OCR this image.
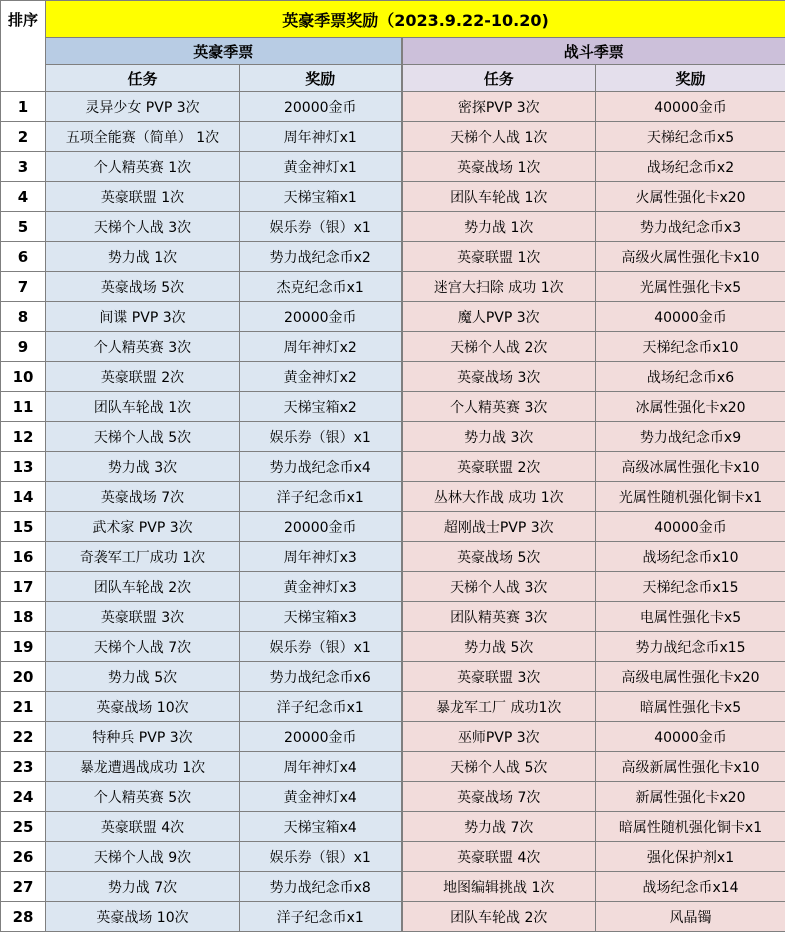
排序	英豪季票奖励（2023.9.22-10.20)			
	英豪季票		战斗季票	
	任务	奖励	任务	奖励
1	灵异少女 PVP 3次	20000金币	密探PVP 3次	40000金币
2	五项全能赛（简单） 1次	周年神灯x1	天梯个人战 1次	天梯纪念币x5
3	个人精英赛 1次	黄金神灯x1	英豪战场 1次	战场纪念币x2
4	英豪联盟 1次	天梯宝箱x1	团队车轮战 1次	火属性强化卡x20
5	天梯个人战 3次	娱乐券（银）x1	势力战 1次	势力战纪念币x3
6	势力战 1次	势力战纪念币x2	英豪联盟 1次	高级火属性强化卡x10
7	英豪战场 5次	杰克纪念币x1	迷宫大扫除 成功 1次	光属性强化卡x5
8	间谍 PVP 3次	20000金币	魔人PVP 3次	40000金币
9	个人精英赛 3次	周年神灯x2	天梯个人战 2次	天梯纪念币x10
10	英豪联盟 2次	黄金神灯x2	英豪战场 3次	战场纪念币x6
11	团队车轮战 1次	天梯宝箱x2	个人精英赛 3次	冰属性强化卡x20
12	天梯个人战 5次	娱乐券（银）x1	势力战 3次	势力战纪念币x9
13	势力战 3次	势力战纪念币x4	英豪联盟 2次	高级冰属性强化卡x10
14	英豪战场 7次	洋子纪念币x1	丛林大作战 成功 1次	光属性随机强化铜卡x1
15	武术家 PVP 3次	20000金币	超刚战士PVP 3次	40000金币
16	奇袭军工厂成功 1次	周年神灯x3	英豪战场 5次	战场纪念币x10
17	团队车轮战 2次	黄金神灯x3	天梯个人战 3次	天梯纪念币x15
18	英豪联盟 3次	天梯宝箱x3	团队精英赛 3次	电属性强化卡x5
19	天梯个人战 7次	娱乐券（银）x1	势力战 5次	势力战纪念币x15
20	势力战 5次	势力战纪念币x6	英豪联盟 3次	高级电属性强化卡x20
21	英豪战场 10次	洋子纪念币x1	暴龙军工厂 成功1次	暗属性强化卡x5
22	特种兵 PVP 3次	20000金币	巫师PVP 3次	40000金币
23	暴龙遭遇战成功 1次	周年神灯x4	天梯个人战 5次	高级新属性强化卡x10
24	个人精英赛 5次	黄金神灯x4	英豪战场 7次	新属性强化卡x20
25	英豪联盟 4次	天梯宝箱x4	势力战 7次	暗属性随机强化铜卡x1
26	天梯个人战 9次	娱乐券（银）x1	英豪联盟 4次	强化保护剂x1
27	势力战 7次	势力战纪念币x8	地图编辑挑战 1次	战场纪念币x14
28	英豪战场 10次	洋子纪念币x1	团队车轮战 2次	风晶镯
